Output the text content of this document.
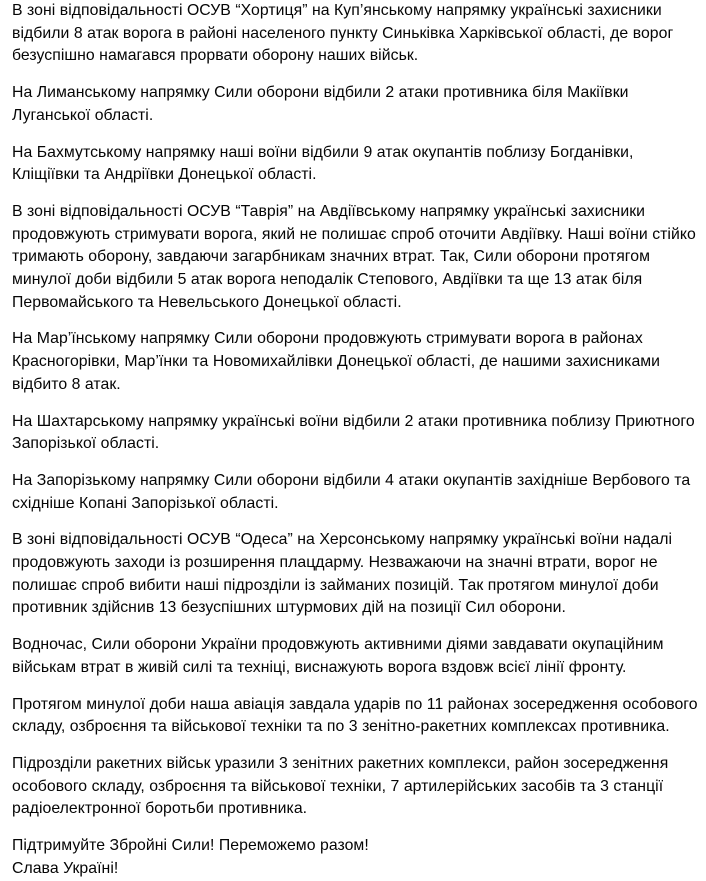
В зоні відповідальності ОСУВ “Хортиця” на Куп’янському напрямку українські захисники відбили 8 атак ворога в районі населеного пункту Синьківка Харківської області, де ворог безуспішно намагався прорвати оборону наших військ.

На Лиманському напрямку Сили оборони відбили 2 атаки противника біля Макіївки Луганської області.

На Бахмутському напрямку наші воїни відбили 9 атак окупантів поблизу Богданівки, Кліщіївки та Андріївки Донецької області.

В зоні відповідальності ОСУВ “Таврія” на Авдіївському напрямку українські захисники продовжують стримувати ворога, який не полишає спроб оточити Авдіївку. Наші воїни стійко тримають оборону, завдаючи загарбникам значних втрат. Так, Сили оборони протягом минулої доби відбили 5 атак ворога неподалік Степового, Авдіївки та ще 13 атак біля Первомайського та Невельського Донецької області.

На Мар’їнському напрямку Сили оборони продовжують стримувати ворога в районах Красногорівки, Мар’їнки та Новомихайлівки Донецької області, де нашими захисниками відбито 8 атак.

На Шахтарському напрямку українські воїни відбили 2 атаки противника поблизу Приютного Запорізької області.

На Запорізькому напрямку Сили оборони відбили 4 атаки окупантів західніше Вербового та східніше Копані Запорізької області.

В зоні відповідальності ОСУВ “Одеса” на Херсонському напрямку українські воїни надалі продовжують заходи із розширення плацдарму. Незважаючи на значні втрати, ворог не полишає спроб вибити наші підрозділи із займаних позицій. Так протягом минулої доби противник здійснив 13 безуспішних штурмових дій на позиції Сил оборони.

Водночас, Сили оборони України продовжують активними діями завдавати окупаційним військам втрат в живій силі та техніці, виснажують ворога вздовж всієї лінії фронту.

Протягом минулої доби наша авіація завдала ударів по 11 районах зосередження особового складу, озброєння та військової техніки та по 3 зенітно-ракетних комплексах противника.

Підрозділи ракетних військ уразили 3 зенітних ракетних комплекси, район зосередження особового складу, озброєння та військової техніки, 7 артилерійських засобів та 3 станції радіоелектронної боротьби противника.

Підтримуйте Збройні Сили! Переможемо разом!
Слава Україні!
